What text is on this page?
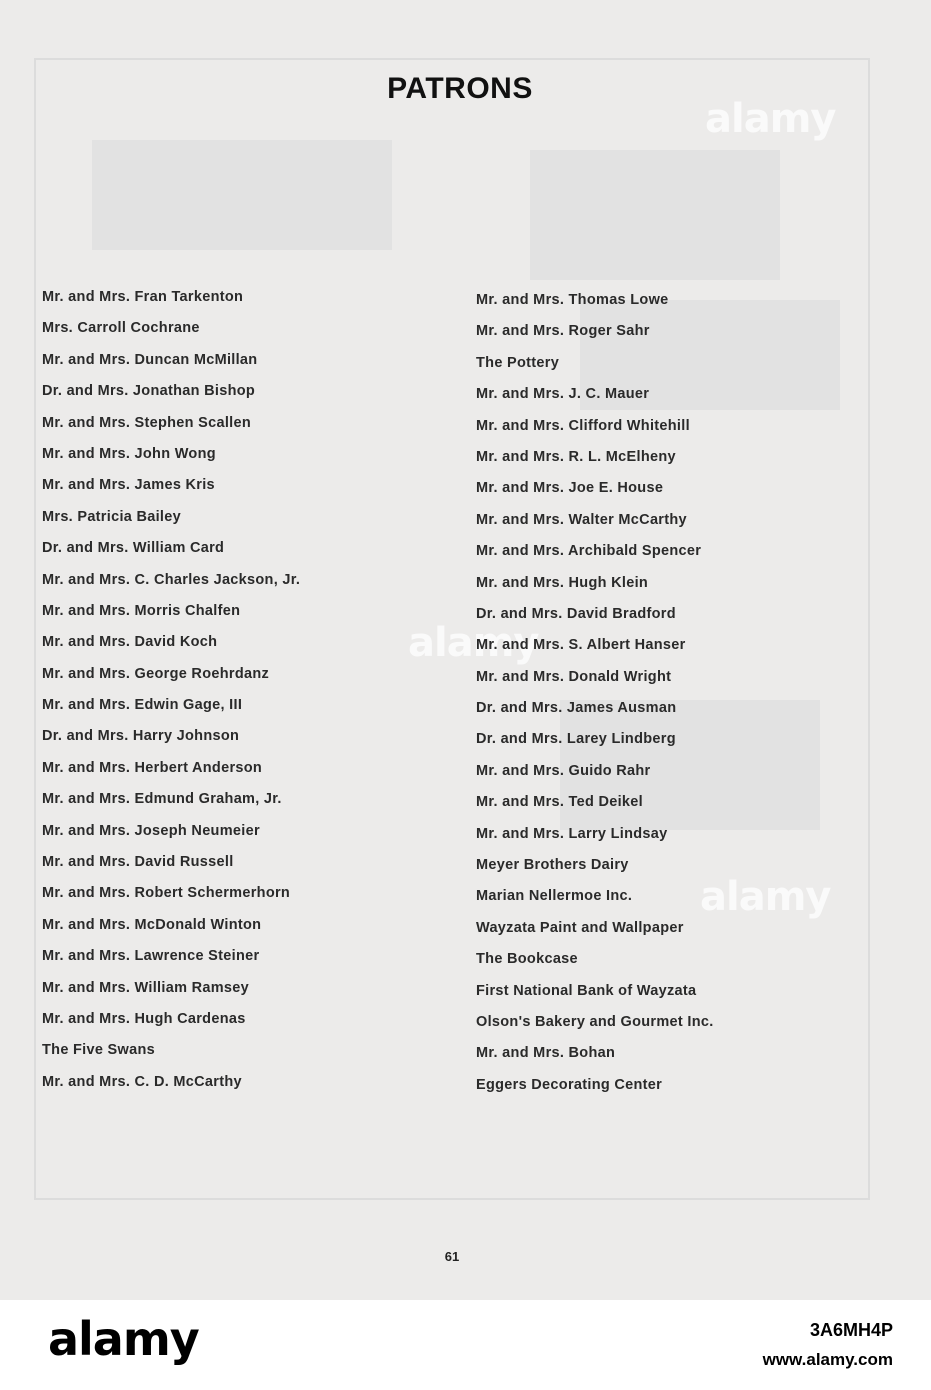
alamy
alamy
alamy
PATRONS
Mr. and Mrs. Fran Tarkenton
Mrs. Carroll Cochrane
Mr. and Mrs. Duncan McMillan
Dr. and Mrs. Jonathan Bishop
Mr. and Mrs. Stephen Scallen
Mr. and Mrs. John Wong
Mr. and Mrs. James Kris
Mrs. Patricia Bailey
Dr. and Mrs. William Card
Mr. and Mrs. C. Charles Jackson, Jr.
Mr. and Mrs. Morris Chalfen
Mr. and Mrs. David Koch
Mr. and Mrs. George Roehrdanz
Mr. and Mrs. Edwin Gage, III
Dr. and Mrs. Harry Johnson
Mr. and Mrs. Herbert Anderson
Mr. and Mrs. Edmund Graham, Jr.
Mr. and Mrs. Joseph Neumeier
Mr. and Mrs. David Russell
Mr. and Mrs. Robert Schermerhorn
Mr. and Mrs. McDonald Winton
Mr. and Mrs. Lawrence Steiner
Mr. and Mrs. William Ramsey
Mr. and Mrs. Hugh Cardenas
The Five Swans
Mr. and Mrs. C. D. McCarthy
Mr. and Mrs. Thomas Lowe
Mr. and Mrs. Roger Sahr
The Pottery
Mr. and Mrs. J. C. Mauer
Mr. and Mrs. Clifford Whitehill
Mr. and Mrs. R. L. McElheny
Mr. and Mrs. Joe E. House
Mr. and Mrs. Walter McCarthy
Mr. and Mrs. Archibald Spencer
Mr. and Mrs. Hugh Klein
Dr. and Mrs. David Bradford
Mr. and Mrs. S. Albert Hanser
Mr. and Mrs. Donald Wright
Dr. and Mrs. James Ausman
Dr. and Mrs. Larey Lindberg
Mr. and Mrs. Guido Rahr
Mr. and Mrs. Ted Deikel
Mr. and Mrs. Larry Lindsay
Meyer Brothers Dairy
Marian Nellermoe Inc.
Wayzata Paint and Wallpaper
The Bookcase
First National Bank of Wayzata
Olson's Bakery and Gourmet Inc.
Mr. and Mrs. Bohan
Eggers Decorating Center
61
alamy	3A6MH4P
www.alamy.com
